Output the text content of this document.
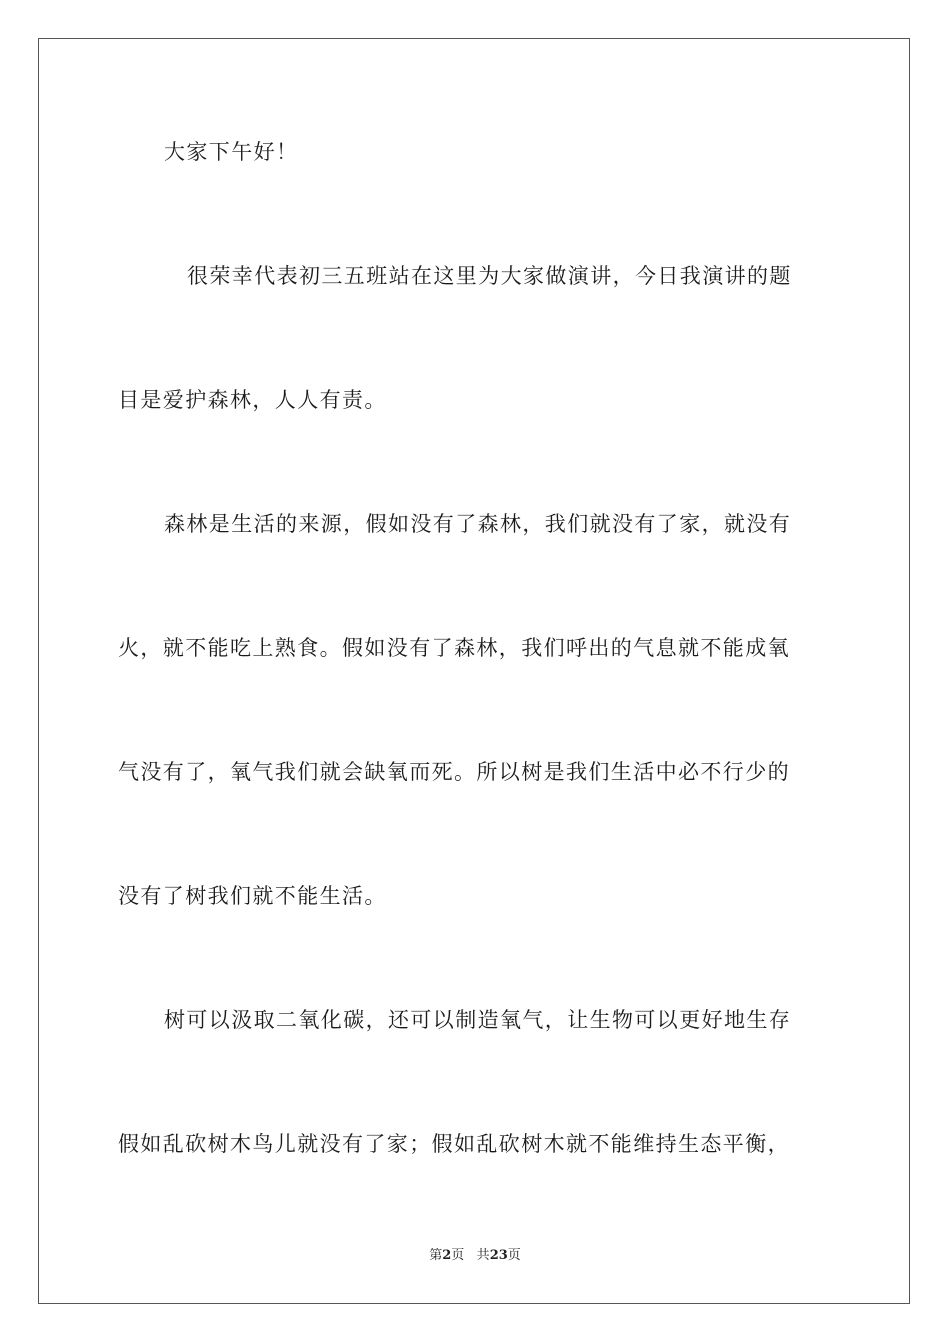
大家下午好！
很荣幸代表初三五班站在这里为大家做演讲，今日我演讲的题
目是爱护森林，人人有责。
森林是生活的来源，假如没有了森林，我们就没有了家，就没有
火，就不能吃上熟食。假如没有了森林，我们呼出的气息就不能成氧
气没有了，氧气我们就会缺氧而死。所以树是我们生活中必不行少的
没有了树我们就不能生活。
树可以汲取二氧化碳，还可以制造氧气，让生物可以更好地生存
假如乱砍树木鸟儿就没有了家；假如乱砍树木就不能维持生态平衡，
第2页 共23页
